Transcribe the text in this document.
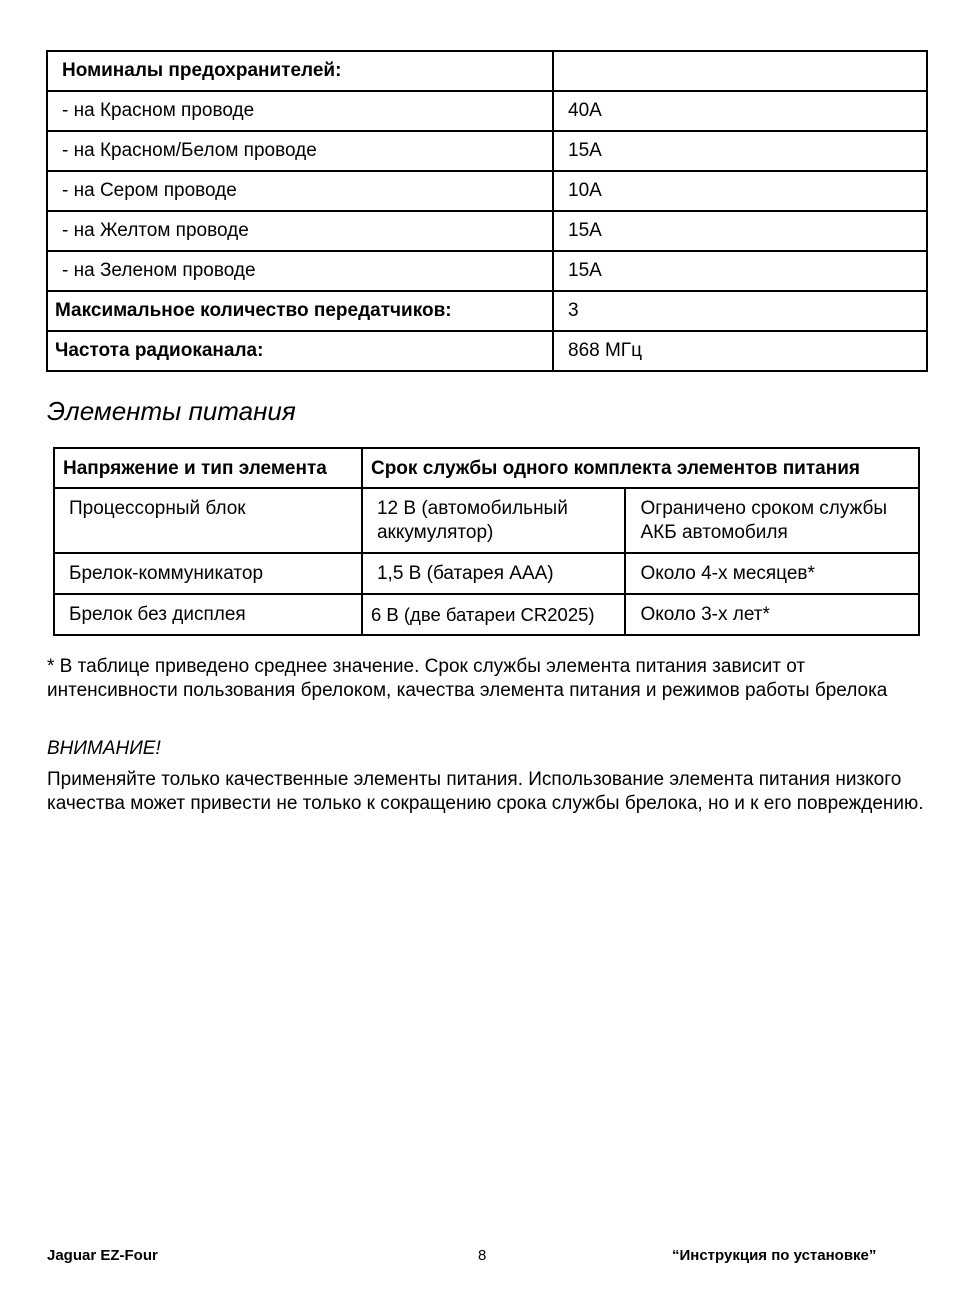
Номиналы предохранителей:	
- на Красном проводе	40A
- на Красном/Белом проводе	15A
- на Сером проводе	10A
- на Желтом проводе	15A
- на Зеленом проводе	15A
Максимальное количество передатчиков:	3
Частота радиоканала:	868 МГц
Элементы питания
Напряжение и тип элемента	Срок службы одного комплекта элементов питания	
Процессорный блок	12 В (автомобильный аккумулятор)	Ограничено сроком службы АКБ автомобиля
Брелок-коммуникатор	1,5 В (батарея ААА)	Около 4-х месяцев*
Брелок без дисплея	6 В (две батареи CR2025)	Около 3-х лет*

* В таблице приведено среднее значение. Срок службы элемента питания зависит от интенсивности пользования брелоком, качества элемента питания и режимов работы брелока

ВНИМАНИЕ!

Применяйте только качественные элементы питания. Использование элемента питания низкого качества может привести не только к сокращению срока службы брелока, но и к его повреждению.

Jaguar EZ-Four	8	“Инструкция по установке”
